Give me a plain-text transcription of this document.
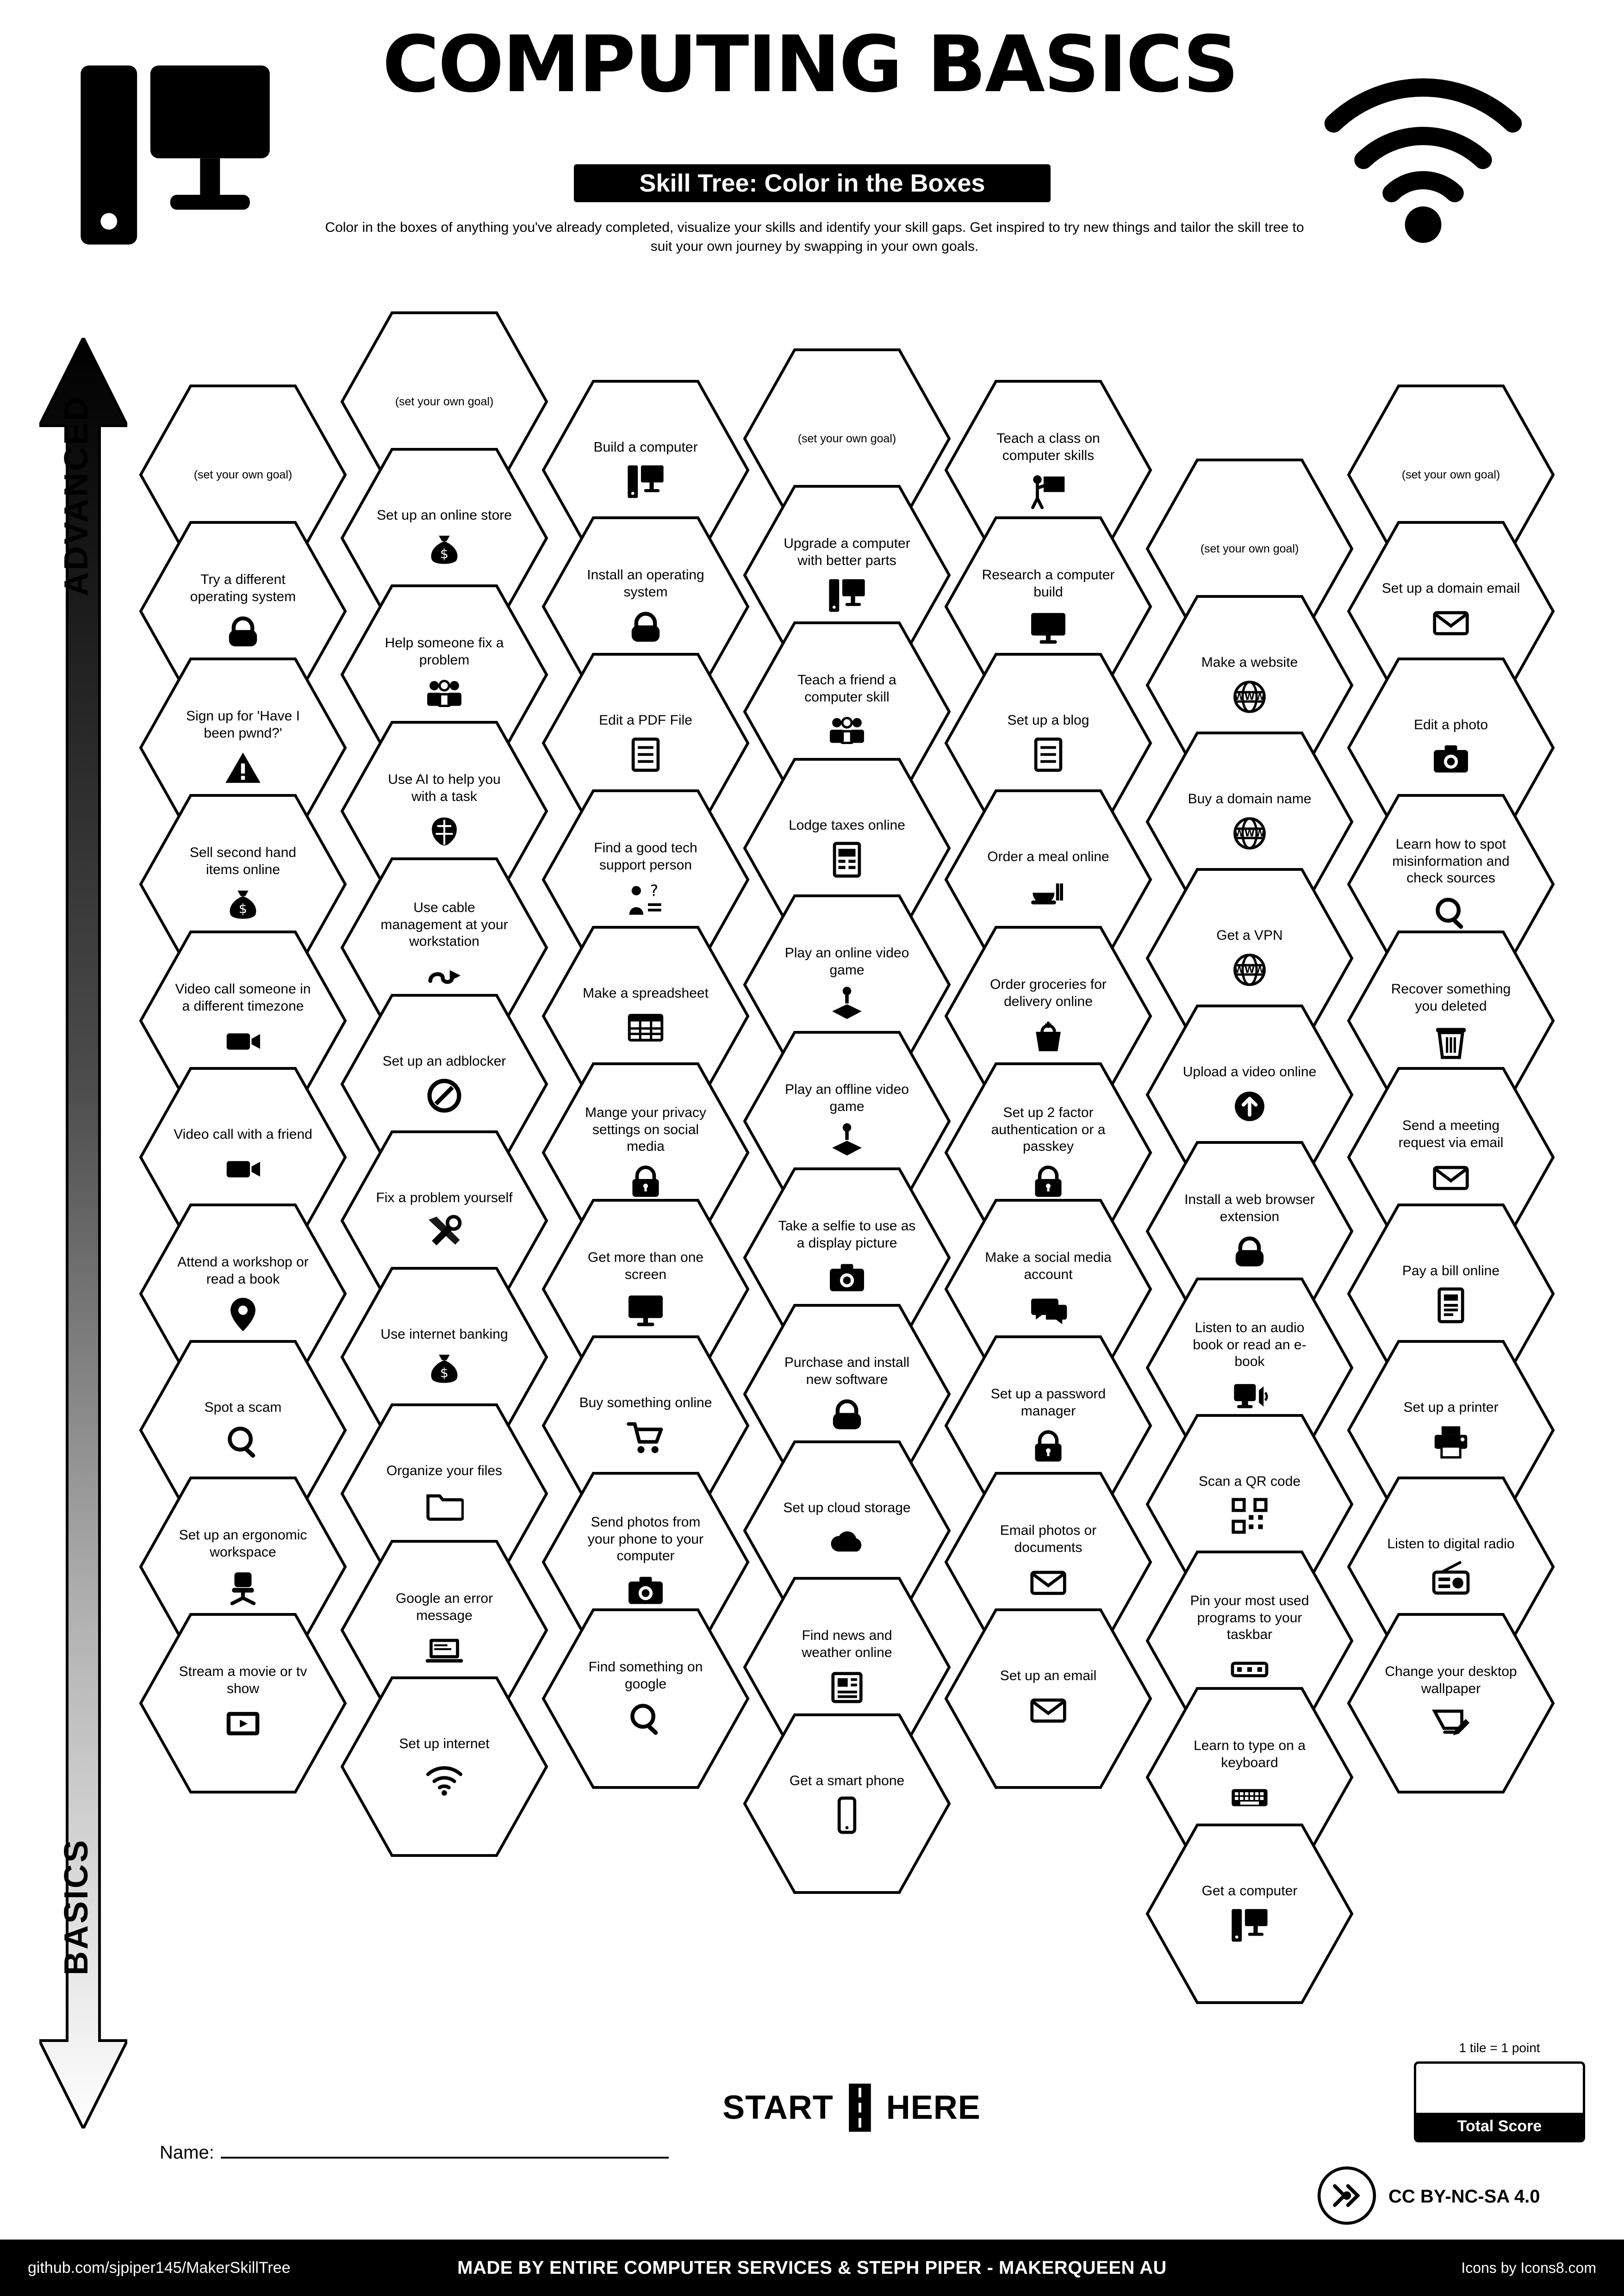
COMPUTING BASICS
Skill Tree: Color in the Boxes
Color in the boxes of anything you've already completed, visualize your skills and identify your skill gaps. Get inspired to try new things and tailor the skill tree to suit your own journey by swapping in your own goals.
ADVANCED
BASICS
(set your own goal)
Try a different operating system
Sign up for 'Have I been pwnd?'
Sell second hand items online
$
Video call someone in a different timezone
Video call with a friend
Attend a workshop or read a book
Spot a scam
Set up an ergonomic workspace
Stream a movie or tv show
(set your own goal)
Set up an online store
$
Help someone fix a problem
Use AI to help you with a task
Use cable management at your workstation
Set up an adblocker
Fix a problem yourself
Use internet banking
$
Organize your files
Google an error message
Set up internet
Build a computer
Install an operating system
Edit a PDF File
Find a good tech support person
?
Make a spreadsheet
Mange your privacy settings on social media
Get more than one screen
Buy something online
Send photos from your phone to your computer
Find something on google
(set your own goal)
Upgrade a computer with better parts
Teach a friend a computer skill
Lodge taxes online
Play an online video game
Play an offline video game
Take a selfie to use as a display picture
Purchase and install new software
Set up cloud storage
Find news and weather online
Get a smart phone
Teach a class on computer skills
Research a computer build
Set up a blog
Order a meal online
Order groceries for delivery online
Set up 2 factor authentication or a passkey
Make a social media account
Set up a password manager
Email photos or documents
Set up an email
(set your own goal)
Make a website
WWW
Buy a domain name
WWW
Get a VPN
WWW
Upload a video online
Install a web browser extension
Listen to an audio book or read an e-book
Scan a QR code
Pin your most used programs to your taskbar
Learn to type on a keyboard
Get a computer
(set your own goal)
Set up a domain email
Edit a photo
Learn how to spot misinformation and check sources
Recover something you deleted
Send a meeting request via email
Pay a bill online
Set up a printer
Listen to digital radio
Change your desktop wallpaper
START HERE
Name:
1 tile = 1 point
Total Score
CC BY-NC-SA 4.0
github.com/sjpiper145/MakerSkillTree	MADE BY ENTIRE COMPUTER SERVICES & STEPH PIPER - MAKERQUEEN AU	Icons by Icons8.com
